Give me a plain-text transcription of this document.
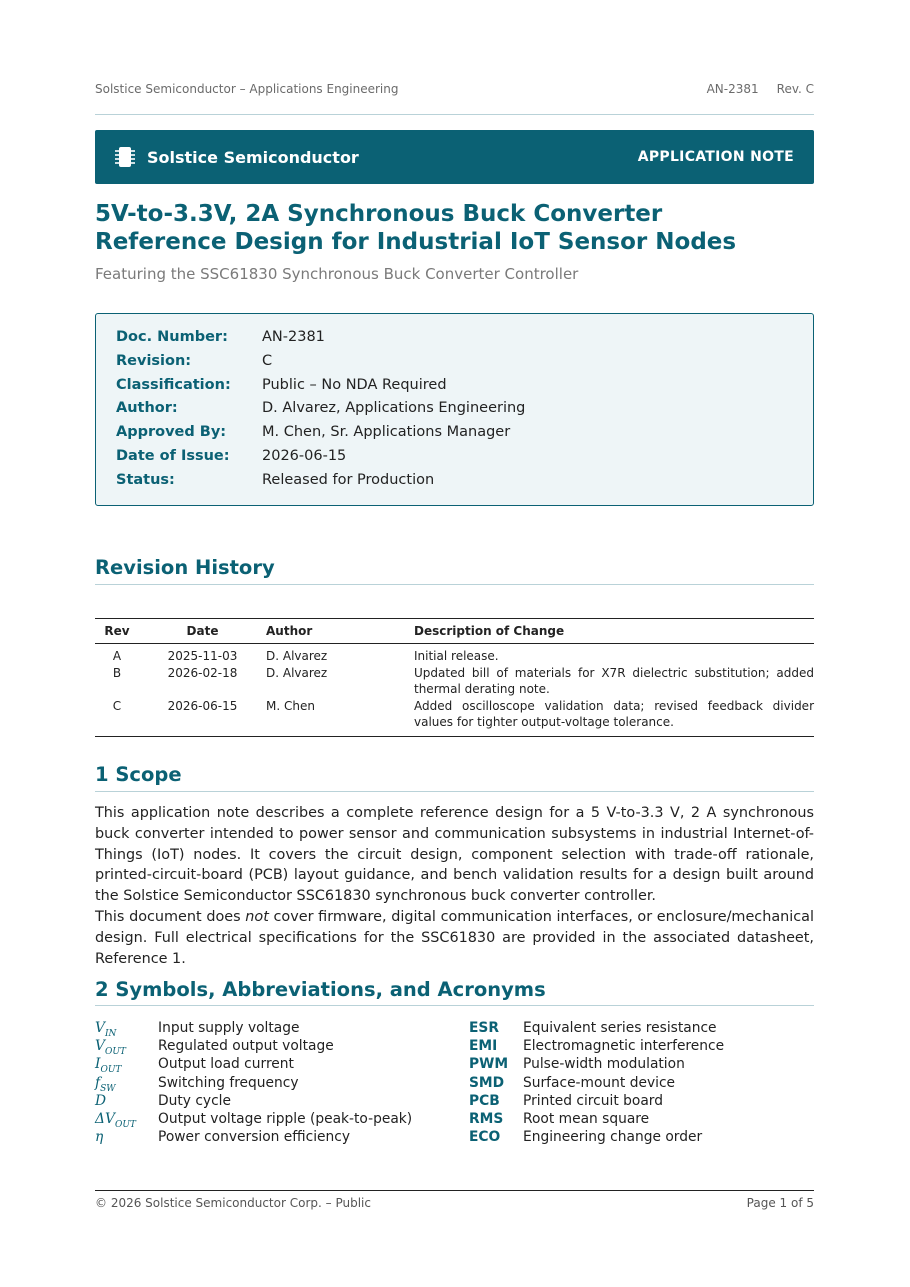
Solstice Semiconductor – Applications Engineering	AN-2381 Rev. C
Solstice Semiconductor	APPLICATION NOTE
5V-to-3.3V, 2A Synchronous Buck Converter
Reference Design for Industrial IoT Sensor Nodes
Featuring the SSC61830 Synchronous Buck Converter Controller
Doc. Number:	AN-2381
Revision:	C
Classification:	Public – No NDA Required
Author:	D. Alvarez, Applications Engineering
Approved By:	M. Chen, Sr. Applications Manager
Date of Issue:	2026-06-15
Status:	Released for Production
Revision History
Rev	Date	Author	Description of Change
A	2025-11-03	D. Alvarez	Initial release.
B	2026-02-18	D. Alvarez	Updated bill of materials for X7R dielectric substitution; added thermal derating note.
C	2026-06-15	M. Chen	Added oscilloscope validation data; revised feedback divider values for tighter output-voltage tolerance.
1 Scope

This application note describes a complete reference design for a 5 V-to-3.3 V, 2 A synchronous buck converter intended to power sensor and communication subsystems in industrial Internet-of-Things (IoT) nodes. It covers the circuit design, component selection with trade-off rationale, printed-circuit-board (PCB) layout guidance, and bench validation results for a design built around the Solstice Semiconductor SSC61830 synchronous buck converter controller.

This document does not cover firmware, digital communication interfaces, or enclosure/mechanical design. Full electrical specifications for the SSC61830 are provided in the associated datasheet, Reference 1.

2 Symbols, Abbreviations, and Acronyms
$V_{IN}$	Input supply voltage
$V_{OUT}$	Regulated output voltage
$I_{OUT}$	Output load current
$f_{SW}$	Switching frequency
D	Duty cycle
$\Delta V_{OUT}$	Output voltage ripple (peak-to-peak)
η	Power conversion efficiency
ESR	Equivalent series resistance
EMI	Electromagnetic interference
PWM	Pulse-width modulation
SMD	Surface-mount device
PCB	Printed circuit board
RMS	Root mean square
ECO	Engineering change order
© 2026 Solstice Semiconductor Corp. – Public	Page 1 of 5
